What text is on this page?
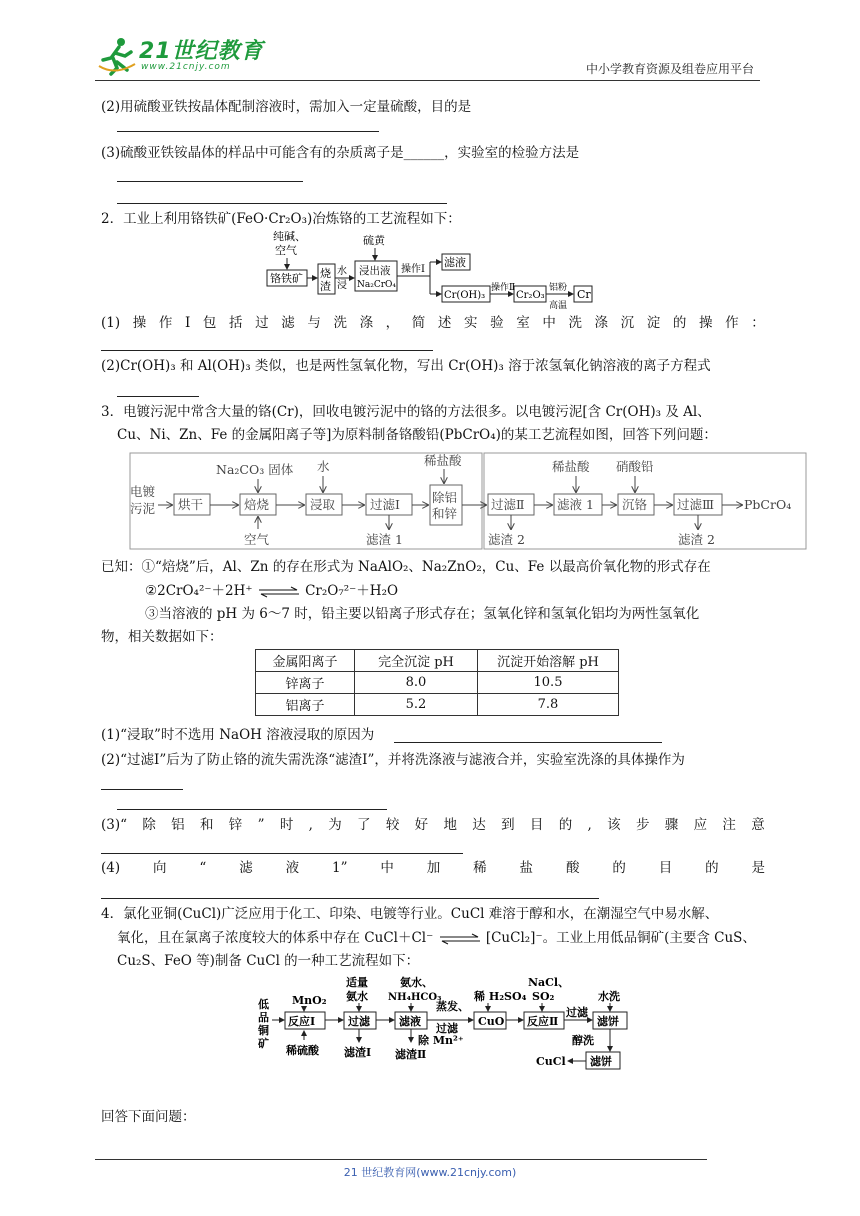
21世纪教育
www.21cnjy.com	中小学教育资源及组卷应用平台
(2)用硫酸亚铁按晶体配制溶液时，需加入一定量硫酸，目的是
(3)硫酸亚铁铵晶体的样品中可能含有的杂质离子是______，实验室的检验方法是
2．工业上利用铬铁矿(FeO·Cr₂O₃)冶炼铬的工艺流程如下：
纯碱、
空气
铬铁矿 烧
渣
水
浸
硫黄
浸出液
Na₂CrO₄
操作Ⅰ
滤液
Cr(OH)₃
操作Ⅱ
Cr₂O₃
铝粉
高温
Cr
(1) 操 作 Ⅰ 包 括 过 滤 与 洗 涤 ， 简 述 实 验 室 中 洗 涤 沉 淀 的 操 作 ：
(2)Cr(OH)₃ 和 Al(OH)₃ 类似，也是两性氢氧化物，写出 Cr(OH)₃ 溶于浓氢氧化钠溶液的离子方程式
3．电镀污泥中常含大量的铬(Cr)，回收电镀污泥中的铬的方法很多。以电镀污泥[含 Cr(OH)₃ 及 Al、
Cu、Ni、Zn、Fe 的金属阳离子等]为原料制备铬酸铅(PbCrO₄)的某工艺流程如图，回答下列问题：
电镀
污泥 烘干
Na₂CO₃ 固体
焙烧
空气
水
浸取	过滤Ⅰ
滤渣 1
稀盐酸
除铝
和锌
过滤Ⅱ
滤渣 2
稀盐酸
滤液 1
硝酸铅
沉铬 过滤Ⅲ
滤渣 2
PbCrO₄
已知：①“焙烧”后，Al、Zn 的存在形式为 NaAlO₂、Na₂ZnO₂，Cu、Fe 以最高价氧化物的形式存在
②2CrO₄²⁻＋2H⁺ ⇌ Cr₂O₇²⁻＋H₂O
③当溶液的 pH 为 6～7 时，铅主要以铅离子形式存在；氢氧化锌和氢氧化铝均为两性氢氧化
物，相关数据如下：
金属阳离子	完全沉淀 pH	沉淀开始溶解 pH
锌离子	8.0	10.5
铝离子	5.2	7.8
(1)“浸取”时不选用 NaOH 溶液浸取的原因为
(2)“过滤Ⅰ”后为了防止铬的流失需洗涤“滤渣Ⅰ”，并将洗涤液与滤液合并，实验室洗涤的具体操作为
(3)“ 除 铝 和 锌 ” 时 , 为 了 较 好 地 达 到 目 的 , 该 步 骤 应 注 意
(4) 向 “ 滤 液 1” 中 加 稀 盐 酸 的 目 的 是
4．氯化亚铜(CuCl)广泛应用于化工、印染、电镀等行业。CuCl 难溶于醇和水，在潮湿空气中易水解、
氧化，且在氯离子浓度较大的体系中存在 CuCl＋Cl⁻ ⇌ [CuCl₂]⁻。工业上用低品铜矿(主要含 CuS、
Cu₂S、FeO 等)制备 CuCl 的一种工艺流程如下：
低
品
铜
矿
MnO₂
反应Ⅰ
稀硫酸
适量
氨水
过滤
滤渣Ⅰ
氨水、
NH₄HCO₃
滤液
除 Mn²⁺
滤渣Ⅱ
蒸发、
过滤
稀 H₂SO₄
CuO
NaCl、
SO₂
反应Ⅱ
过滤
水洗
滤饼
醇洗
滤饼
CuCl
回答下面问题：
21 世纪教育网(www.21cnjy.com)
